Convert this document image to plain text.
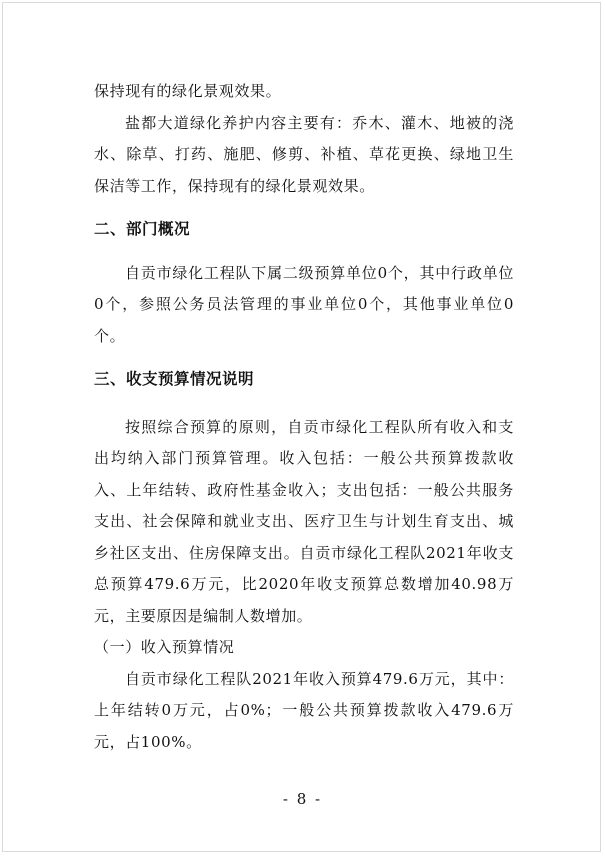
保持现有的绿化景观效果。

盐都大道绿化养护内容主要有：乔木、灌木、地被的浇水、除草、打药、施肥、修剪、补植、草花更换、绿地卫生保洁等工作，保持现有的绿化景观效果。

二、部门概况

自贡市绿化工程队下属二级预算单位0个，其中行政单位0个，参照公务员法管理的事业单位0个，其他事业单位0个。

三、收支预算情况说明

按照综合预算的原则，自贡市绿化工程队所有收入和支出均纳入部门预算管理。收入包括：一般公共预算拨款收入、上年结转、政府性基金收入；支出包括：一般公共服务支出、社会保障和就业支出、医疗卫生与计划生育支出、城乡社区支出、住房保障支出。自贡市绿化工程队2021年收支总预算479.6万元，比2020年收支预算总数增加40.98万元，主要原因是编制人数增加。

（一）收入预算情况

自贡市绿化工程队2021年收入预算479.6万元，其中：上年结转0万元，占0%；一般公共预算拨款收入479.6万元，占100%。

- 8 -
